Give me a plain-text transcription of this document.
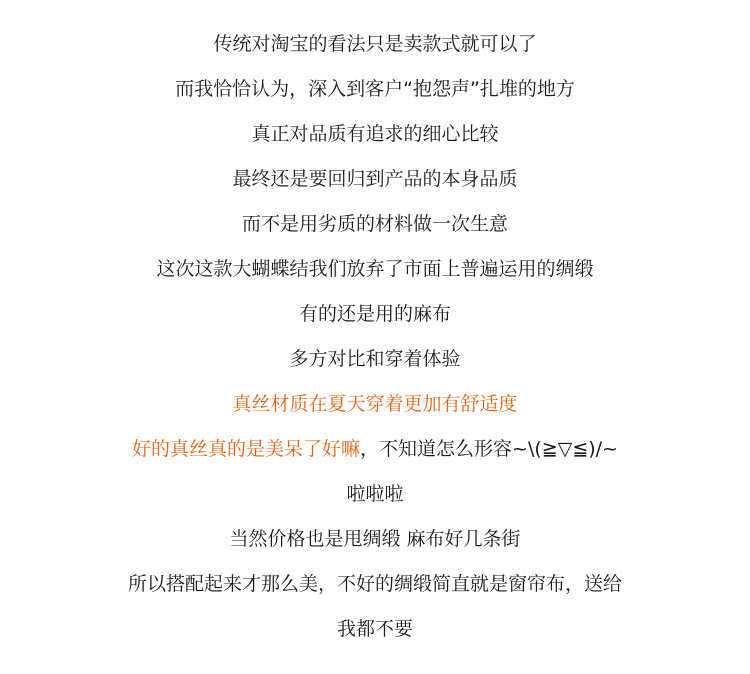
传统对淘宝的看法只是卖款式就可以了
而我恰恰认为，深入到客户“抱怨声”扎堆的地方
真正对品质有追求的细心比较
最终还是要回归到产品的本身品质
而不是用劣质的材料做一次生意
这次这款大蝴蝶结我们放弃了市面上普遍运用的绸缎
有的还是用的麻布
多方对比和穿着体验
真丝材质在夏天穿着更加有舒适度
好的真丝真的是美呆了好嘛，不知道怎么形容~\(≧▽≦)/~
啦啦啦
当然价格也是甩绸缎 麻布好几条街
所以搭配起来才那么美，不好的绸缎简直就是窗帘布，送给
我都不要
